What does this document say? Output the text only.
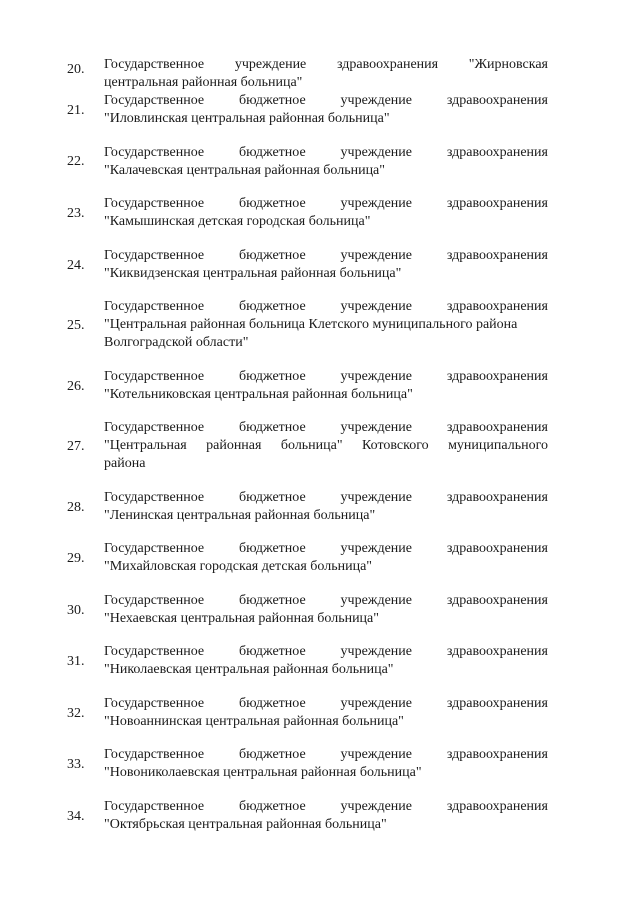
20. Государственное учреждение здравоохранения "Жирновская
центральная районная больница"
21.
Государственное бюджетное учреждение здравоохранения
"Иловлинская центральная районная больница"
22.
Государственное бюджетное учреждение здравоохранения
"Калачевская центральная районная больница"
23.
Государственное бюджетное учреждение здравоохранения
"Камышинская детская городская больница"
24.
Государственное бюджетное учреждение здравоохранения
"Киквидзенская центральная районная больница"
25.
Государственное бюджетное учреждение здравоохранения
"Центральная районная больница Клетского муниципального района
Волгоградской области"
26.
Государственное бюджетное учреждение здравоохранения
"Котельниковская центральная районная больница"
27.
Государственное бюджетное учреждение здравоохранения
"Центральная районная больница" Котовского муниципального
района
28.
Государственное бюджетное учреждение здравоохранения
"Ленинская центральная районная больница"
29.
Государственное бюджетное учреждение здравоохранения
"Михайловская городская детская больница"
30.
Государственное бюджетное учреждение здравоохранения
"Нехаевская центральная районная больница"
31.
Государственное бюджетное учреждение здравоохранения
"Николаевская центральная районная больница"
32.
Государственное бюджетное учреждение здравоохранения
"Новоаннинская центральная районная больница"
33.
Государственное бюджетное учреждение здравоохранения
"Новониколаевская центральная районная больница"
34.
Государственное бюджетное учреждение здравоохранения
"Октябрьская центральная районная больница"
